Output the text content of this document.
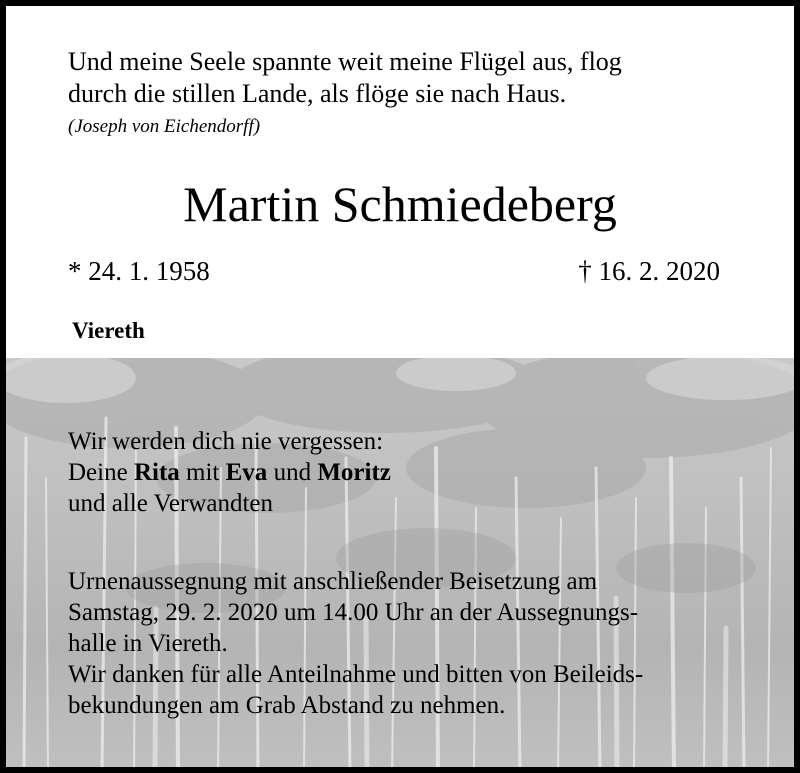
Und meine Seele spannte weit meine Flügel aus, flog
durch die stillen Lande, als flöge sie nach Haus.
(Joseph von Eichendorff)
Martin Schmiedeberg
* 24. 1. 1958	† 16. 2. 2020
Viereth
Wir werden dich nie vergessen:
Deine Rita mit Eva und Moritz
und alle Verwandten
Urnenaussegnung mit anschließender Beisetzung am
Samstag, 29. 2. 2020 um 14.00 Uhr an der Aussegnungs-
halle in Viereth.
Wir danken für alle Anteilnahme und bitten von Beileids-
bekundungen am Grab Abstand zu nehmen.
